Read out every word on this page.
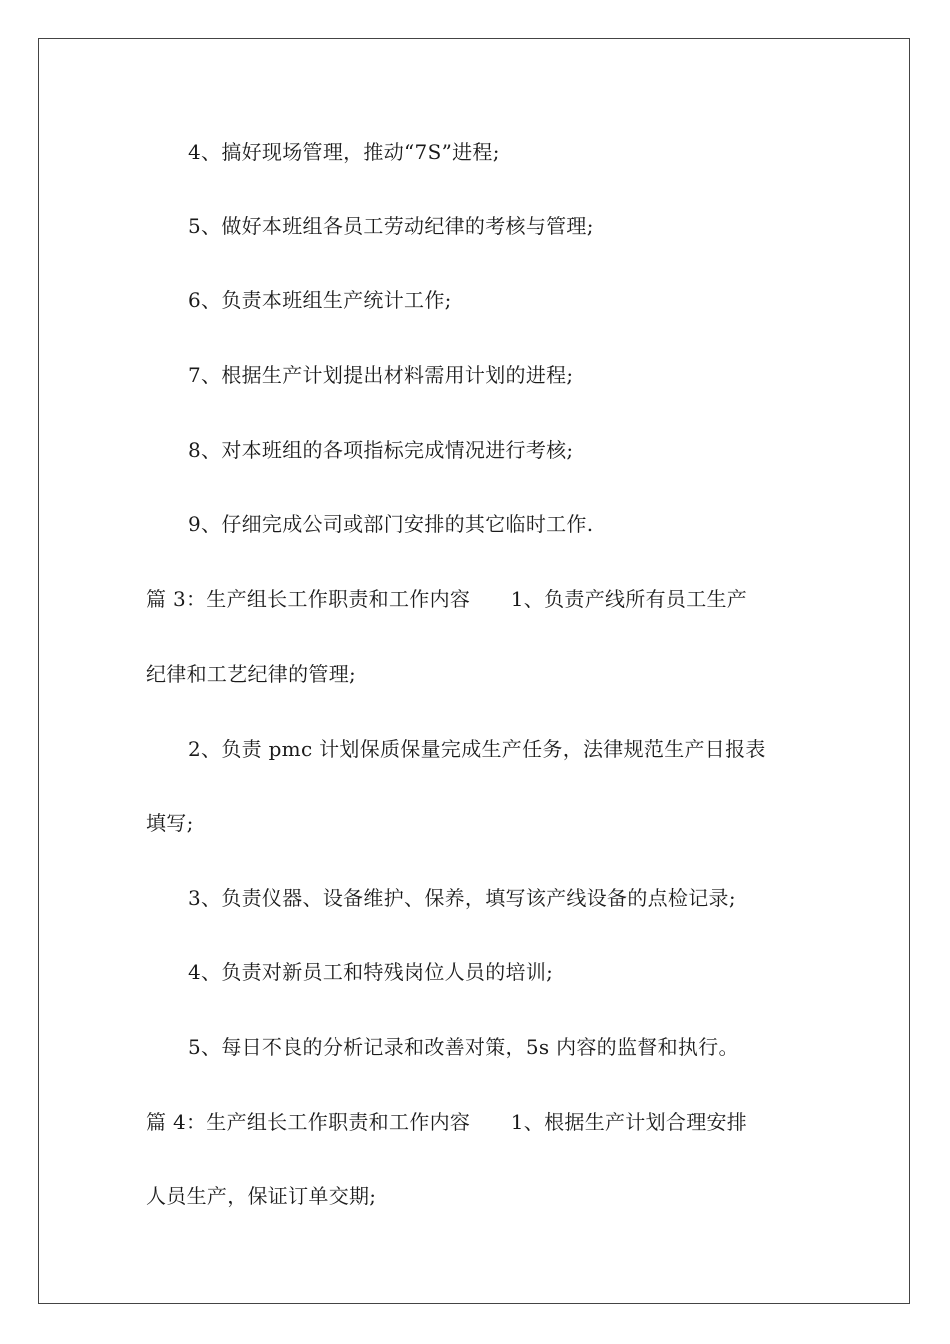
4、搞好现场管理，推动“7S”进程;
5、做好本班组各员工劳动纪律的考核与管理;
6、负责本班组生产统计工作;
7、根据生产计划提出材料需用计划的进程;
8、对本班组的各项指标完成情况进行考核;
9、仔细完成公司或部门安排的其它临时工作.
篇 3：生产组长工作职责和工作内容　　1、负责产线所有员工生产
纪律和工艺纪律的管理;
2、负责 pmc 计划保质保量完成生产任务，法律规范生产日报表
填写;
3、负责仪器、设备维护、保养，填写该产线设备的点检记录;
4、负责对新员工和特残岗位人员的培训;
5、每日不良的分析记录和改善对策，5s 内容的监督和执行。
篇 4：生产组长工作职责和工作内容　　1、根据生产计划合理安排
人员生产，保证订单交期;
